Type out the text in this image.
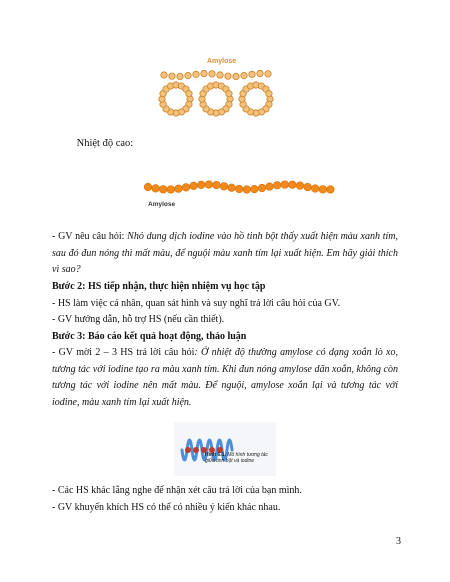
Amylose
Nhiệt độ cao:
Amylose

- GV nêu câu hỏi: Nhỏ dung dịch iodine vào hồ tinh bột thấy xuất hiện màu xanh tím, sau đó đun nóng thì mất màu, để nguội màu xanh tím lại xuất hiện. Em hãy giải thích vì sao?

Bước 2: HS tiếp nhận, thực hiện nhiệm vụ học tập

- HS làm việc cá nhân, quan sát hình và suy nghĩ trả lời câu hỏi của GV.

- GV hướng dẫn, hỗ trợ HS (nếu cần thiết).

Bước 3: Báo cáo kết quả hoạt động, thảo luận

- GV mời 2 – 3 HS trả lời câu hỏi: Ở nhiệt độ thường amylose có dạng xoắn lò xo, tương tác với iodine tạo ra màu xanh tím. Khi đun nóng amylose dãn xoắn, không còn tương tác với iodine nên mất màu. Để nguội, amylose xoắn lại và tương tác với iodine, màu xanh tím lại xuất hiện.

Hình 6.1. Mô hình tương tác giữa tinh bột và iodine

- Các HS khác lắng nghe để nhận xét câu trả lời của bạn mình.

- GV khuyến khích HS có thể có nhiều ý kiến khác nhau.

3
